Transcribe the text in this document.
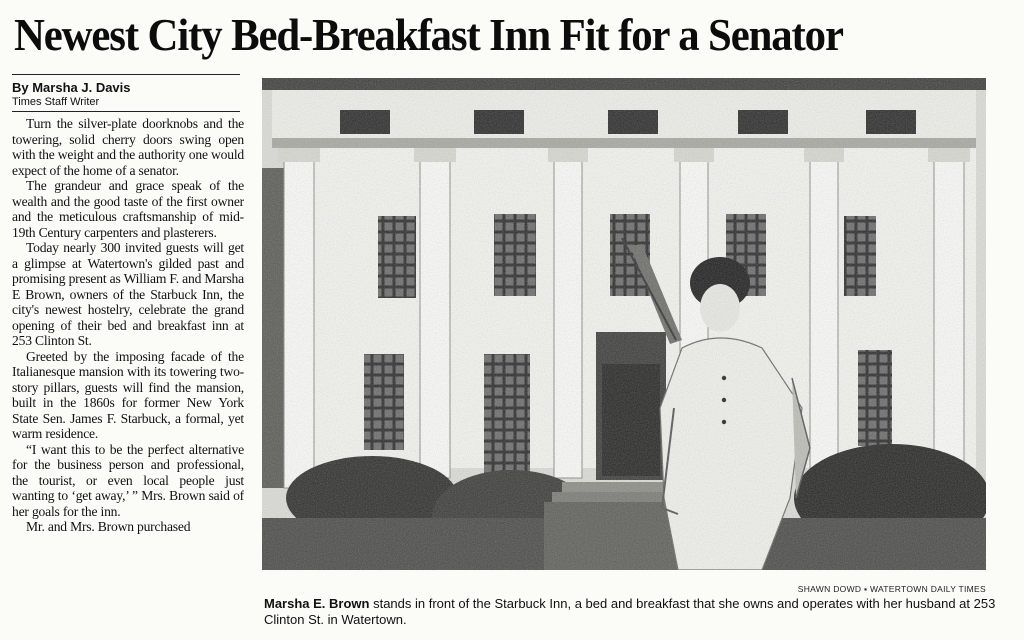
Newest City Bed-Breakfast Inn Fit for a Senator
By Marsha J. Davis
Times Staff Writer

Turn the silver-plate doorknobs and the towering, solid cherry doors swing open with the weight and the authority one would expect of the home of a senator.

The grandeur and grace speak of the wealth and the good taste of the first owner and the meticulous craftsmanship of mid-19th Century carpenters and plasterers.

Today nearly 300 invited guests will get a glimpse at Watertown's gilded past and promising present as William F. and Marsha E Brown, owners of the Starbuck Inn, the city's newest hostelry, celebrate the grand opening of their bed and breakfast inn at 253 Clinton St.

Greeted by the imposing facade of the Italianesque mansion with its towering two-story pillars, guests will find the mansion, built in the 1860s for former New York State Sen. James F. Starbuck, a formal, yet warm residence.

“I want this to be the perfect alternative for the business person and professional, the tourist, or even local people just wanting to ‘get away,’ ” Mrs. Brown said of her goals for the inn.

Mr. and Mrs. Brown purchased

SHAWN DOWD ▪ WATERTOWN DAILY TIMES
Marsha E. Brown stands in front of the Starbuck Inn, a bed and breakfast that she owns and operates with her husband at 253 Clinton St. in Watertown.
